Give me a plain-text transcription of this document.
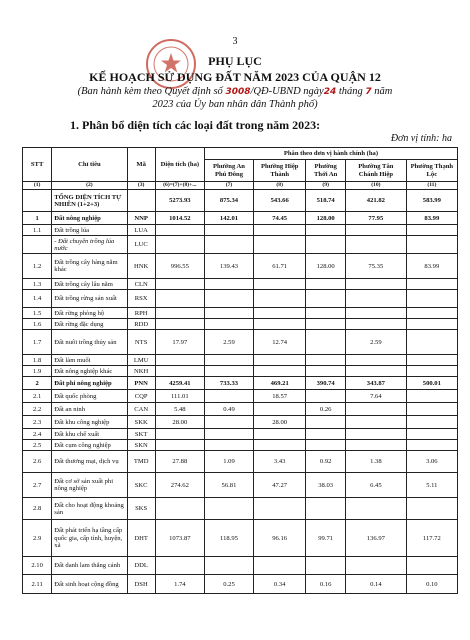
3
PHỤ LỤC
KẾ HOẠCH SỬ DỤNG ĐẤT NĂM 2023 CỦA QUẬN 12
(Ban hành kèm theo Quyết định số 3008/QĐ-UBND ngày24 tháng 7 năm
2023 của Ủy ban nhân dân Thành phố)
1. Phân bổ diện tích các loại đất trong năm 2023:
Đơn vị tính: ha
STT	Chỉ tiêu	Mã	Diện tích (ha)	Phân theo đơn vị hành chính (ha)				
				Phường An Phú Đông	Phường Hiệp Thành	Phường Thới An	Phường Tân Chánh Hiệp	Phường Thạnh Lộc
(1)	(2)	(3)	(6)=(7)+(8)+...	(7)	(8)	(9)	(10)	(11)
	TỔNG DIỆN TÍCH TỰ NHIÊN (1+2+3)		5273.93	875.34	543.66	518.74	421.82	583.99
1	Đất nông nghiệp	NNP	1014.52	142.01	74.45	128.00	77.95	83.99
1.1	Đất trồng lúa	LUA						
	- Đất chuyên trồng lúa nước	LUC						
1.2	Đất trồng cây hàng năm khác	HNK	996.55	139.43	61.71	128.00	75.35	83.99
1.3	Đất trồng cây lâu năm	CLN						
1.4	Đất trồng rừng sản xuất	RSX						
1.5	Đất rừng phòng hộ	RPH						
1.6	Đất rừng đặc dụng	RDD						
1.7	Đất nuôi trồng thủy sản	NTS	17.97	2.59	12.74		2.59	
1.8	Đất làm muối	LMU						
1.9	Đất nông nghiệp khác	NKH						
2	Đất phi nông nghiệp	PNN	4259.41	733.33	469.21	390.74	343.87	500.01
2.1	Đất quốc phòng	CQP	111.01		18.57		7.64	
2.2	Đất an ninh	CAN	5.48	0.49		0.26		
2.3	Đất khu công nghiệp	SKK	28.00		28.00			
2.4	Đất khu chế xuất	SKT						
2.5	Đất cụm công nghiệp	SKN						
2.6	Đất thương mại, dịch vụ	TMD	27.88	1.09	3.43	0.92	1.38	3.06
2.7	Đất cơ sở sản xuất phi nông nghiệp	SKC	274.62	56.81	47.27	38.03	6.45	5.11
2.8	Đất cho hoạt động khoáng sản	SKS						
2.9	Đất phát triển hạ tầng cấp quốc gia, cấp tỉnh, huyện, xã	DHT	1073.87	118.95	96.16	99.71	136.97	117.72
2.10	Đất danh lam thắng cảnh	DDL						
2.11	Đất sinh hoạt cộng đồng	DSH	1.74	0.25	0.34	0.16	0.14	0.10
